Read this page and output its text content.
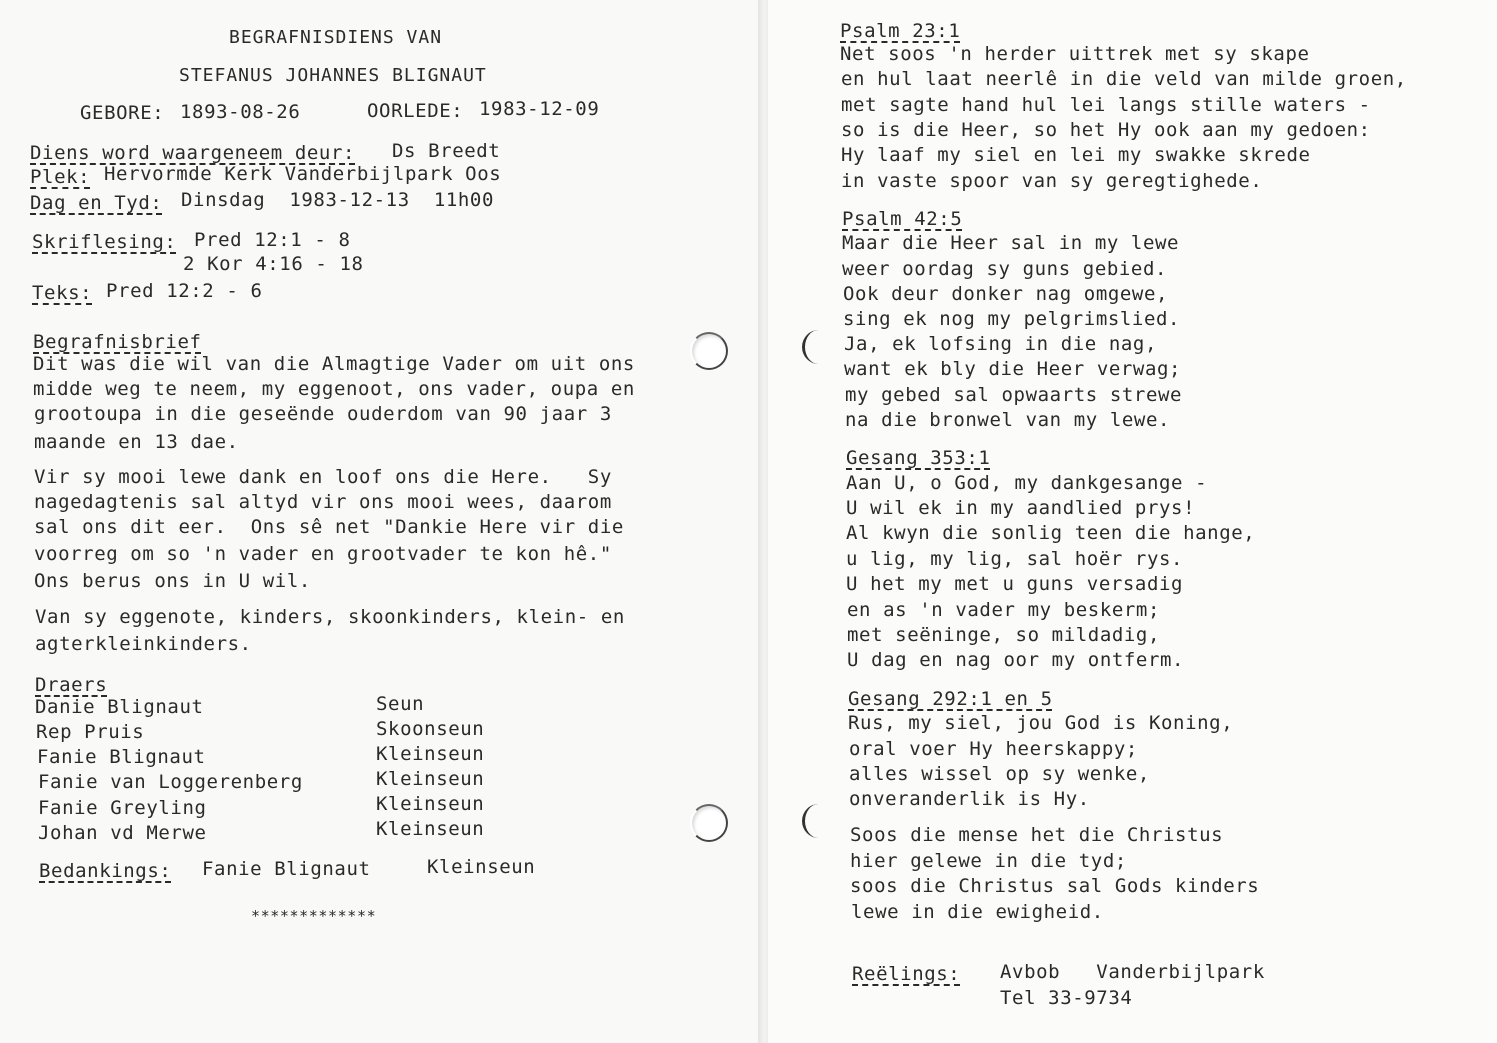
BEGRAFNISDIENS VAN
STEFANUS JOHANNES BLIGNAUT
GEBORE: 1893-08-26	OORLEDE: 1983-12-09
Diens word waargeneem deur: Ds Breedt
Plek: Hervormde Kerk Vanderbijlpark Oos
Dag en Tyd: Dinsdag  1983-12-13  11h00
Skriflesing: Pred 12:1 - 8
2 Kor 4:16 - 18
Teks: Pred 12:2 - 6
Begrafnisbrief
Dit was die wil van die Almagtige Vader om uit ons
midde weg te neem, my eggenoot, ons vader, oupa en
grootoupa in die geseënde ouderdom van 90 jaar 3
maande en 13 dae.
Vir sy mooi lewe dank en loof ons die Here.   Sy
nagedagtenis sal altyd vir ons mooi wees, daarom
sal ons dit eer.  Ons sê net "Dankie Here vir die
voorreg om so 'n vader en grootvader te kon hê."
Ons berus ons in U wil.
Van sy eggenote, kinders, skoonkinders, klein- en
agterkleinkinders.
Draers
Danie Blignaut	Seun
Rep Pruis	Skoonseun
Fanie Blignaut	Kleinseun
Fanie van Loggerenberg	Kleinseun
Fanie Greyling	Kleinseun
Johan vd Merwe	Kleinseun
Bedankings: Fanie Blignaut	Kleinseun
*************
Psalm 23:1
Net soos 'n herder uittrek met sy skape
en hul laat neerlê in die veld van milde groen,
met sagte hand hul lei langs stille waters -
so is die Heer, so het Hy ook aan my gedoen:
Hy laaf my siel en lei my swakke skrede
in vaste spoor van sy geregtighede.
Psalm 42:5
Maar die Heer sal in my lewe
weer oordag sy guns gebied.
Ook deur donker nag omgewe,
sing ek nog my pelgrimslied.
Ja, ek lofsing in die nag,
want ek bly die Heer verwag;
my gebed sal opwaarts strewe
na die bronwel van my lewe.
Gesang 353:1
Aan U, o God, my dankgesange -
U wil ek in my aandlied prys!
Al kwyn die sonlig teen die hange,
u lig, my lig, sal hoër rys.
U het my met u guns versadig
en as 'n vader my beskerm;
met seëninge, so mildadig,
U dag en nag oor my ontferm.
Gesang 292:1 en 5
Rus, my siel, jou God is Koning,
oral voer Hy heerskappy;
alles wissel op sy wenke,
onveranderlik is Hy.
Soos die mense het die Christus
hier gelewe in die tyd;
soos die Christus sal Gods kinders
lewe in die ewigheid.
Reëlings: Avbob   Vanderbijlpark
Tel 33-9734
